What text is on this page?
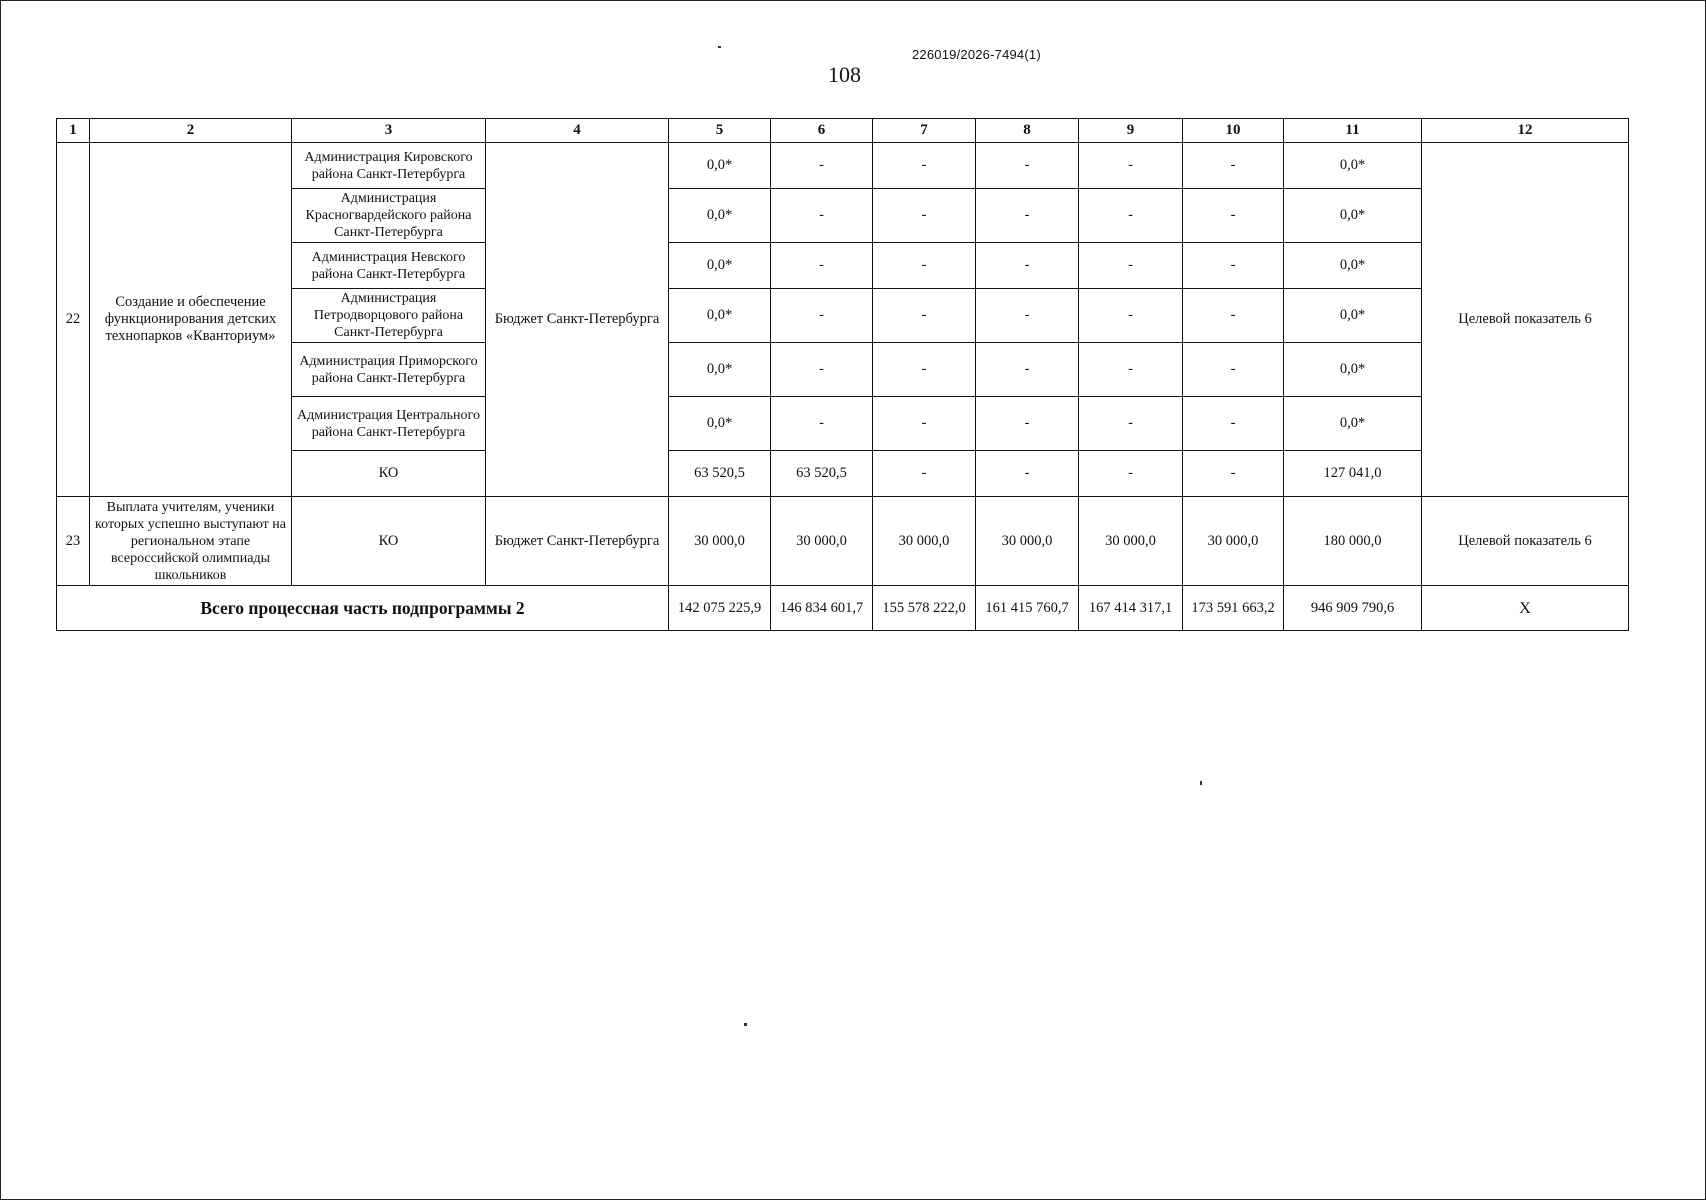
226019/2026-7494(1)
108
1	2	3	4	5	6	7	8	9	10	11	12
22	Создание и обеспечение функционирования детских технопарков «Кванториум»	Администрация Кировского района Санкт-Петербурга	Бюджет Санкт-Петербурга	0,0*	-	-	-	-	-	0,0*	Целевой показатель 6
		Администрация Красногвардейского района Санкт-Петербурга		0,0*	-	-	-	-	-	0,0*	
		Администрация Невского района Санкт-Петербурга		0,0*	-	-	-	-	-	0,0*	
		Администрация Петродворцового района Санкт-Петербурга		0,0*	-	-	-	-	-	0,0*	
		Администрация Приморского района Санкт-Петербурга		0,0*	-	-	-	-	-	0,0*	
		Администрация Центрального района Санкт-Петербурга		0,0*	-	-	-	-	-	0,0*	
		КО		63 520,5	63 520,5	-	-	-	-	127 041,0	
23	Выплата учителям, ученики которых успешно выступают на региональном этапе всероссийской олимпиады школьников	КО	Бюджет Санкт-Петербурга	30 000,0	30 000,0	30 000,0	30 000,0	30 000,0	30 000,0	180 000,0	Целевой показатель 6
Всего процессная часть подпрограммы 2				142 075 225,9	146 834 601,7	155 578 222,0	161 415 760,7	167 414 317,1	173 591 663,2	946 909 790,6	X
